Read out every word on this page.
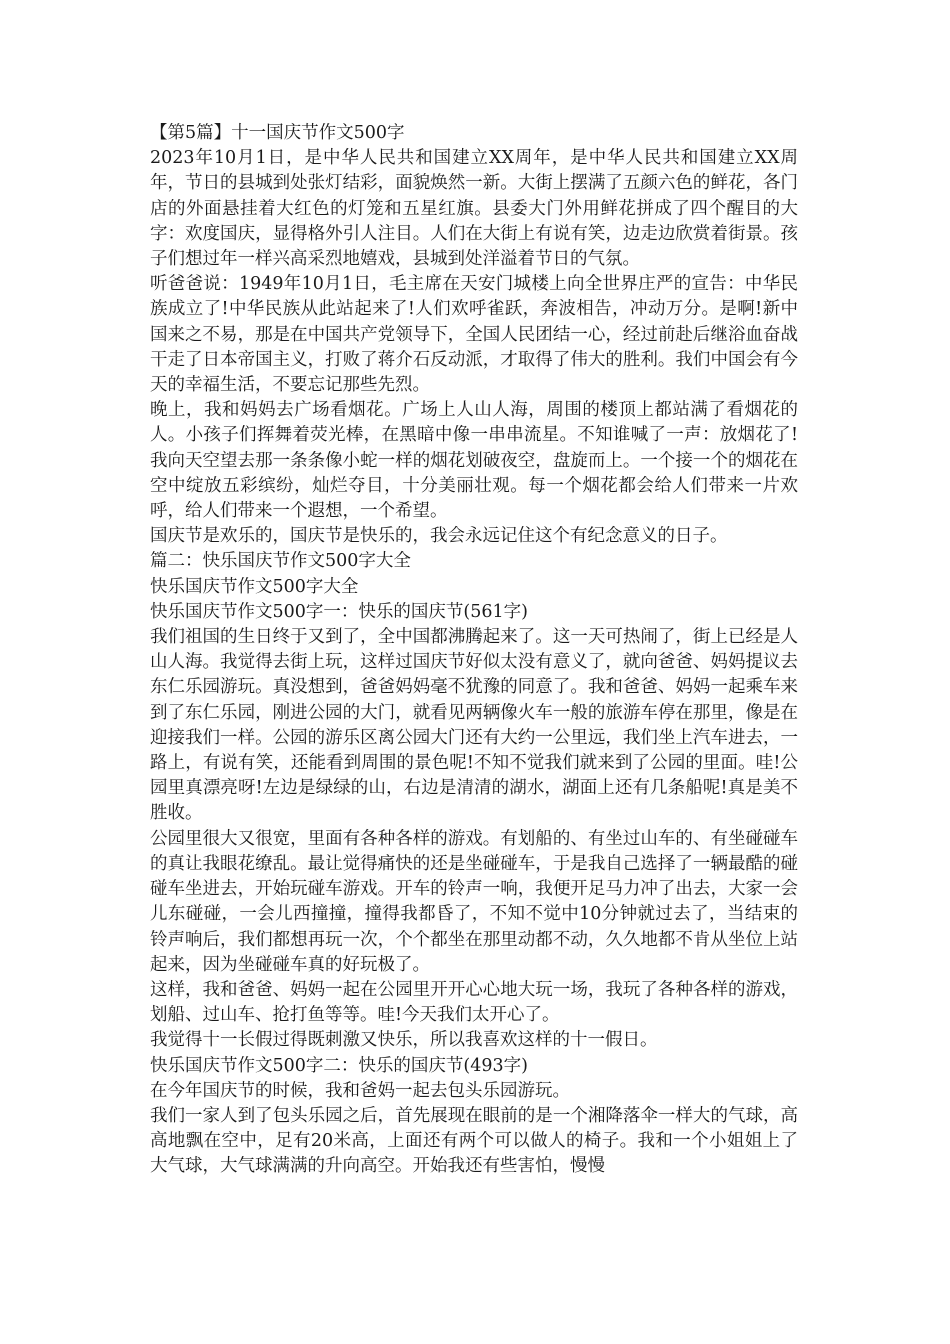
【第5篇】十一国庆节作文500字

2023年10月1日，是中华人民共和国建立XX周年，是中华人民共和国建立XX周年，节日的县城到处张灯结彩，面貌焕然一新。大街上摆满了五颜六色的鲜花，各门店的外面悬挂着大红色的灯笼和五星红旗。县委大门外用鲜花拼成了四个醒目的大字：欢度国庆，显得格外引人注目。人们在大街上有说有笑，边走边欣赏着街景。孩子们想过年一样兴高采烈地嬉戏，县城到处洋溢着节日的气氛。

听爸爸说：1949年10月1日，毛主席在天安门城楼上向全世界庄严的宣告：中华民族成立了!中华民族从此站起来了!人们欢呼雀跃，奔波相告，冲动万分。是啊!新中国来之不易，那是在中国共产党领导下，全国人民团结一心，经过前赴后继浴血奋战干走了日本帝国主义，打败了蒋介石反动派，才取得了伟大的胜利。我们中国会有今天的幸福生活，不要忘记那些先烈。

晚上，我和妈妈去广场看烟花。广场上人山人海，周围的楼顶上都站满了看烟花的人。小孩子们挥舞着荧光棒，在黑暗中像一串串流星。不知谁喊了一声：放烟花了!我向天空望去那一条条像小蛇一样的烟花划破夜空，盘旋而上。一个接一个的烟花在空中绽放五彩缤纷，灿烂夺目，十分美丽壮观。每一个烟花都会给人们带来一片欢呼，给人们带来一个遐想，一个希望。

国庆节是欢乐的，国庆节是快乐的，我会永远记住这个有纪念意义的日子。

篇二：快乐国庆节作文500字大全

快乐国庆节作文500字大全

快乐国庆节作文500字一：快乐的国庆节(561字)

我们祖国的生日终于又到了，全中国都沸腾起来了。这一天可热闹了，街上已经是人山人海。我觉得去街上玩，这样过国庆节好似太没有意义了，就向爸爸、妈妈提议去东仁乐园游玩。真没想到，爸爸妈妈毫不犹豫的同意了。我和爸爸、妈妈一起乘车来到了东仁乐园，刚进公园的大门，就看见两辆像火车一般的旅游车停在那里，像是在迎接我们一样。公园的游乐区离公园大门还有大约一公里远，我们坐上汽车进去，一路上，有说有笑，还能看到周围的景色呢!不知不觉我们就来到了公园的里面。哇!公园里真漂亮呀!左边是绿绿的山，右边是清清的湖水，湖面上还有几条船呢!真是美不胜收。

公园里很大又很宽，里面有各种各样的游戏。有划船的、有坐过山车的、有坐碰碰车的真让我眼花缭乱。最让觉得痛快的还是坐碰碰车，于是我自己选择了一辆最酷的碰碰车坐进去，开始玩碰车游戏。开车的铃声一响，我便开足马力冲了出去，大家一会儿东碰碰，一会儿西撞撞，撞得我都昏了，不知不觉中10分钟就过去了，当结束的铃声响后，我们都想再玩一次，个个都坐在那里动都不动，久久地都不肯从坐位上站起来，因为坐碰碰车真的好玩极了。

这样，我和爸爸、妈妈一起在公园里开开心心地大玩一场，我玩了各种各样的游戏，划船、过山车、抢打鱼等等。哇!今天我们太开心了。

我觉得十一长假过得既刺激又快乐，所以我喜欢这样的十一假日。

快乐国庆节作文500字二：快乐的国庆节(493字)

在今年国庆节的时候，我和爸妈一起去包头乐园游玩。

我们一家人到了包头乐园之后，首先展现在眼前的是一个湘降落伞一样大的气球，高高地飘在空中，足有20米高，上面还有两个可以做人的椅子。我和一个小姐姐上了大气球，大气球满满的升向高空。开始我还有些害怕，慢慢
